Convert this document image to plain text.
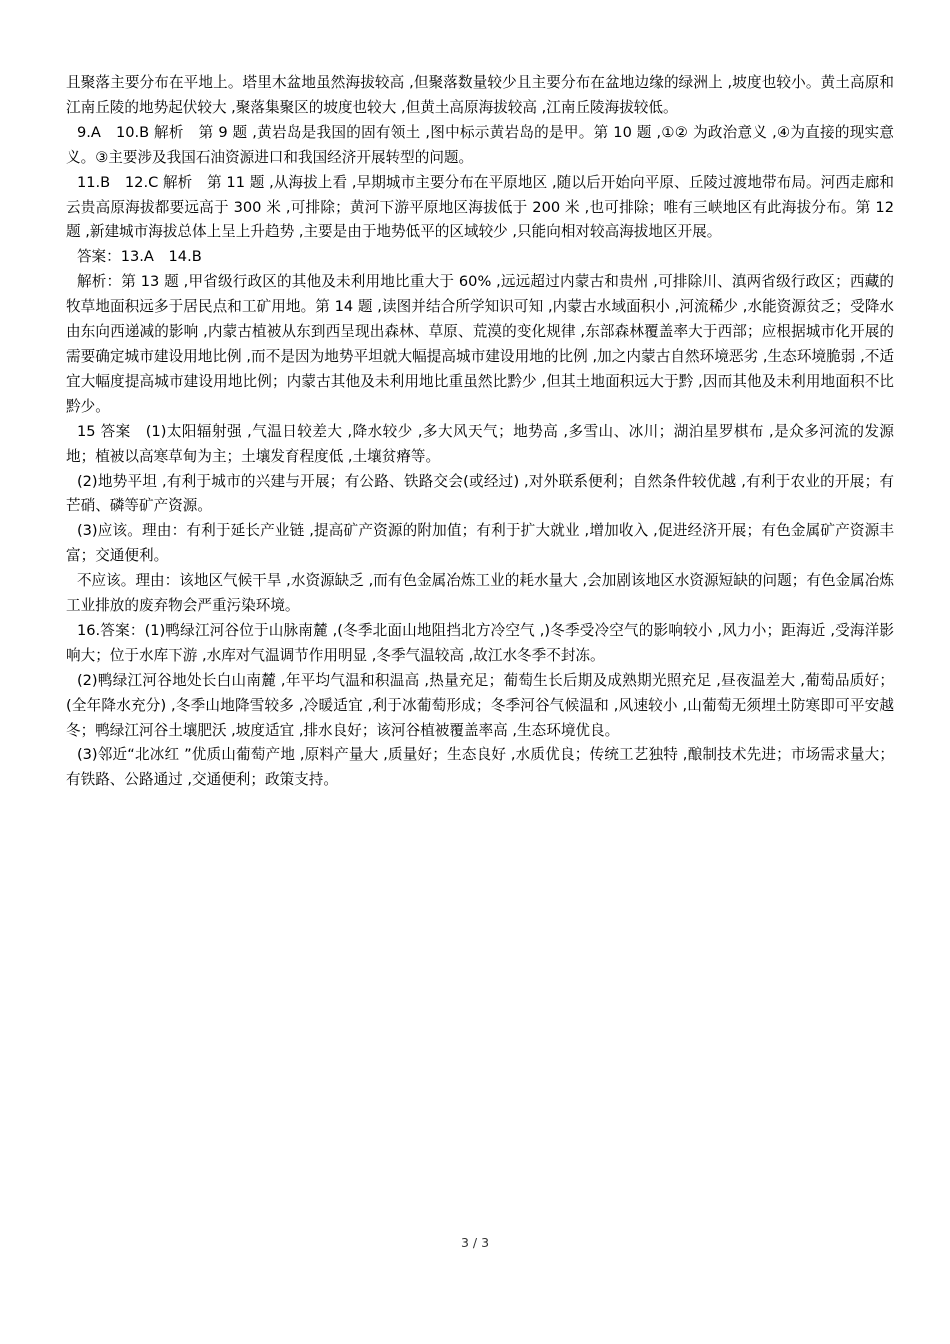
且聚落主要分布在平地上。塔里木盆地虽然海拔较高 ,但聚落数量较少且主要分布在盆地边缘的绿洲上 ,坡度也较小。黄土高原和江南丘陵的地势起伏较大 ,聚落集聚区的坡度也较大 ,但黄土高原海拔较高 ,江南丘陵海拔较低。

9.A　10.B 解析　第 9 题 ,黄岩岛是我国的固有领土 ,图中标示黄岩岛的是甲。第 10 题 ,①② 为政治意义 ,④为直接的现实意义。③主要涉及我国石油资源进口和我国经济开展转型的问题。

11.B　12.C 解析　第 11 题 ,从海拔上看 ,早期城市主要分布在平原地区 ,随以后开始向平原、丘陵过渡地带布局。河西走廊和云贵高原海拔都要远高于 300 米 ,可排除；黄河下游平原地区海拔低于 200 米 ,也可排除；唯有三峡地区有此海拔分布。第 12 题 ,新建城市海拔总体上呈上升趋势 ,主要是由于地势低平的区域较少 ,只能向相对较高海拔地区开展。

答案：13.A　14.B

解析：第 13 题 ,甲省级行政区的其他及未利用地比重大于 60% ,远远超过内蒙古和贵州 ,可排除川、滇两省级行政区；西藏的牧草地面积远多于居民点和工矿用地。第 14 题 ,读图并结合所学知识可知 ,内蒙古水域面积小 ,河流稀少 ,水能资源贫乏；受降水由东向西递减的影响 ,内蒙古植被从东到西呈现出森林、草原、荒漠的变化规律 ,东部森林覆盖率大于西部；应根据城市化开展的需要确定城市建设用地比例 ,而不是因为地势平坦就大幅提高城市建设用地的比例 ,加之内蒙古自然环境恶劣 ,生态环境脆弱 ,不适宜大幅度提高城市建设用地比例；内蒙古其他及未利用地比重虽然比黔少 ,但其土地面积远大于黔 ,因而其他及未利用地面积不比黔少。

15 答案　(1)太阳辐射强 ,气温日较差大 ,降水较少 ,多大风天气；地势高 ,多雪山、冰川；湖泊星罗棋布 ,是众多河流的发源地；植被以高寒草甸为主；土壤发育程度低 ,土壤贫瘠等。

(2)地势平坦 ,有利于城市的兴建与开展；有公路、铁路交会(或经过) ,对外联系便利；自然条件较优越 ,有利于农业的开展；有芒硝、磷等矿产资源。

(3)应该。理由：有利于延长产业链 ,提高矿产资源的附加值；有利于扩大就业 ,增加收入 ,促进经济开展；有色金属矿产资源丰富；交通便利。

不应该。理由：该地区气候干旱 ,水资源缺乏 ,而有色金属冶炼工业的耗水量大 ,会加剧该地区水资源短缺的问题；有色金属冶炼工业排放的废弃物会严重污染环境。

16.答案：(1)鸭绿江河谷位于山脉南麓 ,(冬季北面山地阻挡北方冷空气 ,)冬季受冷空气的影响较小 ,风力小；距海近 ,受海洋影响大；位于水库下游 ,水库对气温调节作用明显 ,冬季气温较高 ,故江水冬季不封冻。

(2)鸭绿江河谷地处长白山南麓 ,年平均气温和积温高 ,热量充足；葡萄生长后期及成熟期光照充足 ,昼夜温差大 ,葡萄品质好；(全年降水充分) ,冬季山地降雪较多 ,冷暖适宜 ,利于冰葡萄形成；冬季河谷气候温和 ,风速较小 ,山葡萄无须埋土防寒即可平安越冬；鸭绿江河谷土壤肥沃 ,坡度适宜 ,排水良好；该河谷植被覆盖率高 ,生态环境优良。

(3)邻近“北冰红 ”优质山葡萄产地 ,原料产量大 ,质量好；生态良好 ,水质优良；传统工艺独特 ,酿制技术先进；市场需求量大；有铁路、公路通过 ,交通便利；政策支持。

3 / 3
